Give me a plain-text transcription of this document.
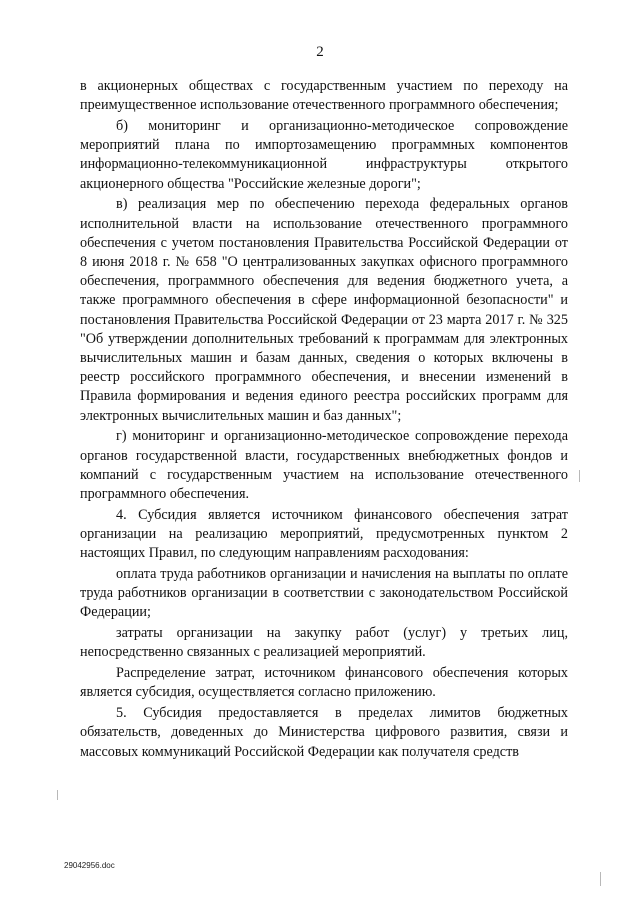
2

в акционерных обществах с государственным участием по переходу на преимущественное использование отечественного программного обеспечения;

б) мониторинг и организационно-методическое сопровождение мероприятий плана по импортозамещению программных компонентов информационно-телекоммуникационной инфраструктуры открытого акционерного общества "Российские железные дороги";

в) реализация мер по обеспечению перехода федеральных органов исполнительной власти на использование отечественного программного обеспечения с учетом постановления Правительства Российской Федерации от 8 июня 2018 г. № 658 "О централизованных закупках офисного программного обеспечения, программного обеспечения для ведения бюджетного учета, а также программного обеспечения в сфере информационной безопасности" и постановления Правительства Российской Федерации от 23 марта 2017 г. № 325 "Об утверждении дополнительных требований к программам для электронных вычислительных машин и базам данных, сведения о которых включены в реестр российского программного обеспечения, и внесении изменений в Правила формирования и ведения единого реестра российских программ для электронных вычислительных машин и баз данных";

г) мониторинг и организационно-методическое сопровождение перехода органов государственной власти, государственных внебюджетных фондов и компаний с государственным участием на использование отечественного программного обеспечения.

4. Субсидия является источником финансового обеспечения затрат организации на реализацию мероприятий, предусмотренных пунктом 2 настоящих Правил, по следующим направлениям расходования:

оплата труда работников организации и начисления на выплаты по оплате труда работников организации в соответствии с законодательством Российской Федерации;

затраты организации на закупку работ (услуг) у третьих лиц, непосредственно связанных с реализацией мероприятий.

Распределение затрат, источником финансового обеспечения которых является субсидия, осуществляется согласно приложению.

5. Субсидия предоставляется в пределах лимитов бюджетных обязательств, доведенных до Министерства цифрового развития, связи и массовых коммуникаций Российской Федерации как получателя средств

29042956.doc
